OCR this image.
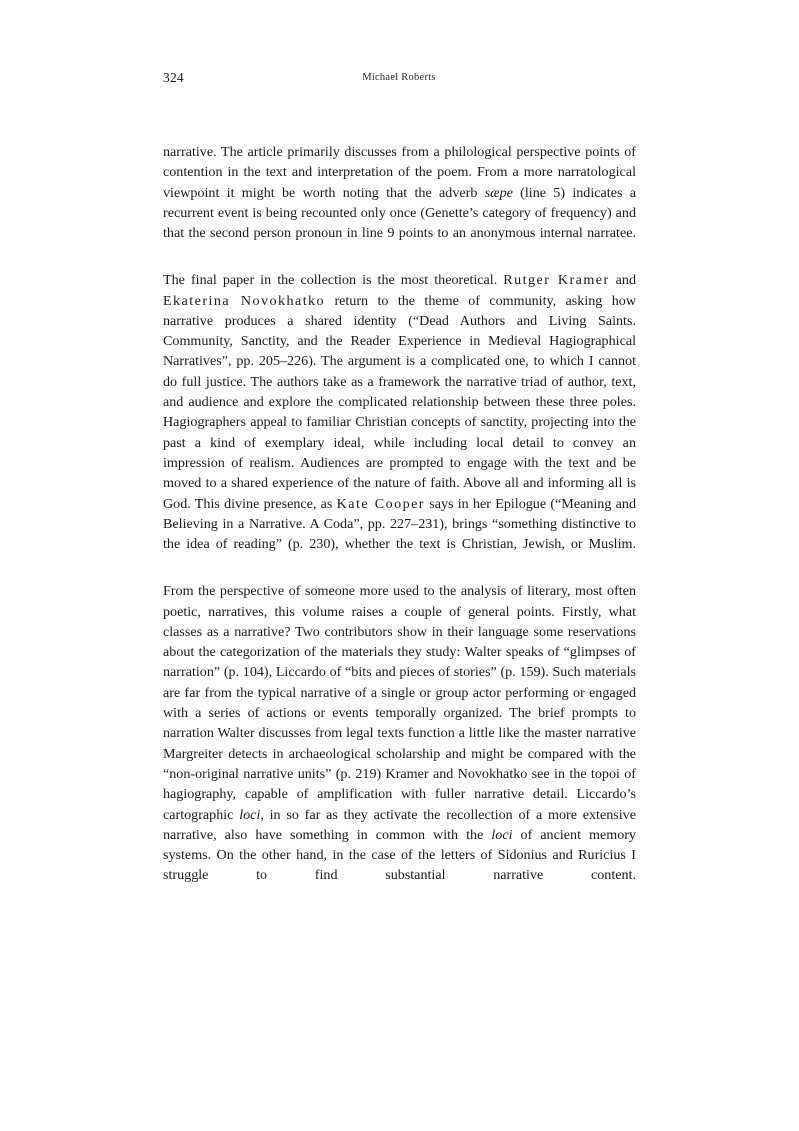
324	Michael Roberts

narrative. The article primarily discusses from a philological perspective points of contention in the text and interpretation of the poem. From a more narratological viewpoint it might be worth noting that the adverb sæpe (line 5) indicates a recurrent event is being recounted only once (Genette’s category of frequency) and that the second person pronoun in line 9 points to an anonymous internal narratee.

The final paper in the collection is the most theoretical. Rutger Kramer and Ekaterina Novokhatko return to the theme of community, asking how narrative produces a shared identity (“Dead Authors and Living Saints. Community, Sanctity, and the Reader Experience in Medieval Hagiographical Narratives”, pp. 205–226). The argument is a complicated one, to which I cannot do full justice. The authors take as a framework the narrative triad of author, text, and audience and explore the complicated relationship between these three poles. Hagiographers appeal to familiar Christian concepts of sanctity, projecting into the past a kind of exemplary ideal, while including local detail to convey an impression of realism. Audiences are prompted to engage with the text and be moved to a shared experience of the nature of faith. Above all and informing all is God. This divine presence, as Kate Cooper says in her Epilogue (“Meaning and Believing in a Narrative. A Coda”, pp. 227–231), brings “something distinctive to the idea of reading” (p. 230), whether the text is Christian, Jewish, or Muslim.

From the perspective of someone more used to the analysis of literary, most often poetic, narratives, this volume raises a couple of general points. Firstly, what classes as a narrative? Two contributors show in their language some reservations about the categorization of the materials they study: Walter speaks of “glimpses of narration” (p. 104), Liccardo of “bits and pieces of stories” (p. 159). Such materials are far from the typical narrative of a single or group actor performing or engaged with a series of actions or events temporally organized. The brief prompts to narration Walter discusses from legal texts function a little like the master narrative Margreiter detects in archaeological scholarship and might be compared with the “non-original narrative units” (p. 219) Kramer and Novokhatko see in the topoi of hagiography, capable of amplification with fuller narrative detail. Liccardo’s cartographic loci, in so far as they activate the recollection of a more extensive narrative, also have something in common with the loci of ancient memory systems. On the other hand, in the case of the letters of Sidonius and Ruricius I struggle to find substantial narrative content.
